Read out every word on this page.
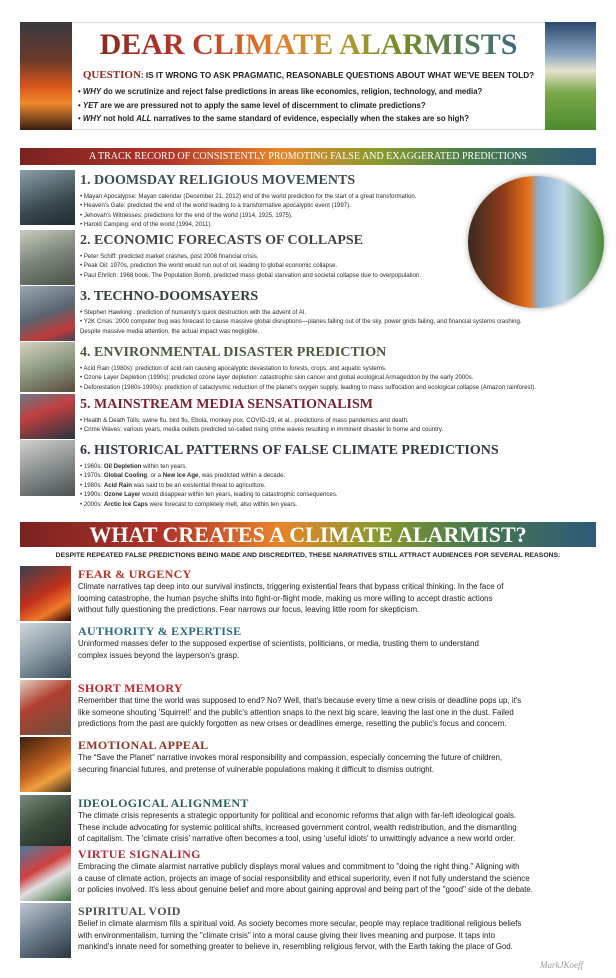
DEAR CLIMATE ALARMISTS
QUESTION: IS IT WRONG TO ASK PRAGMATIC, REASONABLE QUESTIONS ABOUT WHAT WE'VE BEEN TOLD?
• WHY do we scrutinize and reject false predictions in areas like economics, religion, technology, and media?
• YET are we are pressured not to apply the same level of discernment to climate predictions?
• WHY not hold ALL narratives to the same standard of evidence, especially when the stakes are so high?
A TRACK RECORD OF CONSISTENTLY PROMOTING FALSE AND EXAGGERATED PREDICTIONS
1. DOOMSDAY RELIGIOUS MOVEMENTS
• Mayan Apocalypse: Mayan calendar (December 21, 2012) end of the world prediction for the start of a great transformation.
• Heaven's Gate: predicted the end of the world leading to a transformative apocalyptic event (1997).
• Jehovah's Witnesses: predictions for the end of the world (1914, 1925, 1975).
• Harold Camping: end of the world (1994, 2011).
2. ECONOMIC FORECASTS OF COLLAPSE
• Peter Schiff: predicted market crashes, post 2008 financial crisis.
• Peak Oil: 1970s, prediction the world would run out of oil, leading to global economic collapse.
• Paul Ehrlich: 1968 book, The Population Bomb, predicted mass global starvation and societal collapse due to overpopulation.
3. TECHNO-DOOMSAYERS
• Stephen Hawking : prediction of humanity's quick destruction with the advent of AI.
• Y2K Crisis: 2000 computer bug was forecast to cause massive global disruptions—planes falling out of the sky, power grids failing, and financial systems crashing.
Despite massive media attention, the actual impact was negligible.
4. ENVIRONMENTAL DISASTER PREDICTION
• Acid Rain (1980s): prediction of acid rain causing apocalyptic devastation to forests, crops, and aquatic systems.
• Ozone Layer Depletion (1990s): predicted ozone layer depletion: catastrophic skin cancer and global ecological Armageddon by the early 2000s.
• Deforestation (1980s-1990s): prediction of cataclysmic reduction of the planet's oxygen supply, leading to mass suffocation and ecological collapse (Amazon rainforest).
5. MAINSTREAM MEDIA SENSATIONALISM
• Health & Death Tolls: swine flu, bird flu, Ebola, monkey pox, COVID-19, et al., predictions of mass pandemics and death.
• Crime Waves: various years, media outlets predicted so-called rising crime waves resulting in imminent disaster to home and country.
6. HISTORICAL PATTERNS OF FALSE CLIMATE PREDICTIONS
• 1960s: Oil Depletion within ten years.
• 1970s: Global Cooling, or a New Ice Age, was predicted within a decade.
• 1980s: Acid Rain was said to be an existential threat to agriculture.
• 1990s: Ozone Layer would disappear within ten years, leading to catastrophic consequences.
• 2000s: Arctic Ice Caps were forecast to completely melt, also within ten years.
WHAT CREATES A CLIMATE ALARMIST?
DESPITE REPEATED FALSE PREDICTIONS BEING MADE AND DISCREDITED, THESE NARRATIVES STILL ATTRACT AUDIENCES FOR SEVERAL REASONS:
FEAR & URGENCY

Climate narratives tap deep into our survival instincts, triggering existential fears that bypass critical thinking. In the face of
looming catastrophe, the human psyche shifts into fight-or-flight mode, making us more willing to accept drastic actions
without fully questioning the predictions. Fear narrows our focus, leaving little room for skepticism.

AUTHORITY & EXPERTISE

Uninformed masses defer to the supposed expertise of scientists, politicians, or media, trusting them to understand
complex issues beyond the layperson's grasp.

SHORT MEMORY

Remember that time the world was supposed to end? No? Well, that's because every time a new crisis or deadline pops up, it's
like someone shouting 'Squirrel!' and the public's attention snaps to the next big scare, leaving the last one in the dust. Failed
predictions from the past are quickly forgotten as new crises or deadlines emerge, resetting the public's focus and concern.

EMOTIONAL APPEAL

The “Save the Planet” narrative invokes moral responsibility and compassion, especially concerning the future of children,
securing financial futures, and pretense of vulnerable populations making it difficult to dismiss outright.

IDEOLOGICAL ALIGNMENT

The climate crisis represents a strategic opportunity for political and economic reforms that align with far-left ideological goals.
These include advocating for systemic political shifts, increased government control, wealth redistribution, and the dismantling
of capitalism. The 'climate crisis' narrative often becomes a tool, using 'useful idiots' to unwittingly advance a new world order.

VIRTUE SIGNALING

Embracing the climate alarmist narrative publicly displays moral values and commitment to "doing the right thing." Aligning with
a cause of climate action, projects an image of social responsibility and ethical superiority, even if not fully understand the science
or policies involved. It's less about genuine belief and more about gaining approval and being part of the "good" side of the debate.

SPIRITUAL VOID

Belief in climate alarmism fills a spiritual void. As society becomes more secular, people may replace traditional religious beliefs
with environmentalism, turning the "climate crisis" into a moral cause giving their lives meaning and purpose. It taps into
mankind's innate need for something greater to believe in, resembling religious fervor, with the Earth taking the place of God.

MarkJKoeff
